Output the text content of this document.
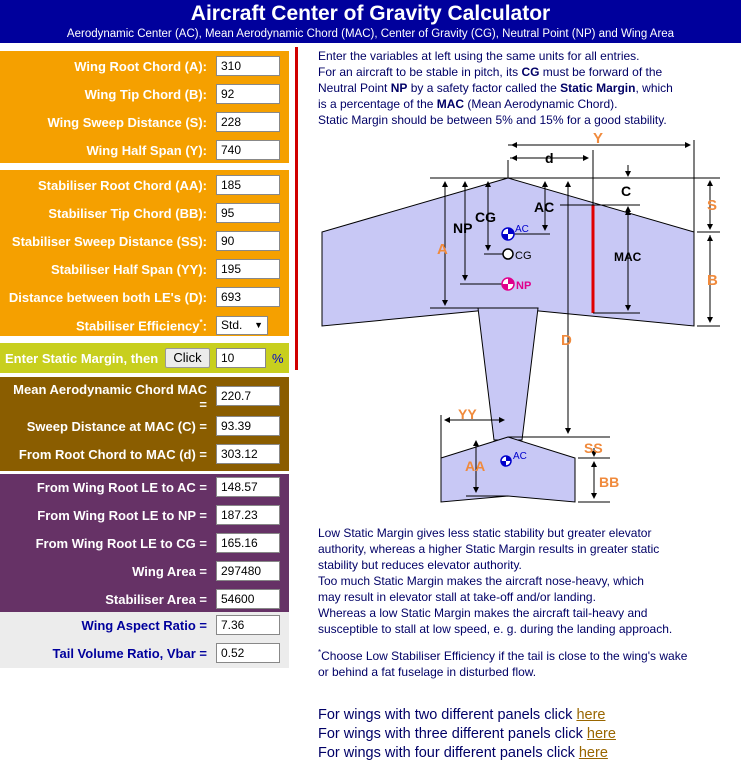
Aircraft Center of Gravity Calculator
Aerodynamic Center (AC), Mean Aerodynamic Chord (MAC), Center of Gravity (CG), Neutral Point (NP) and Wing Area
Wing Root Chord (A):
310
Wing Tip Chord (B):
92
Wing Sweep Distance (S):
228
Wing Half Span (Y):
740
Stabiliser Root Chord (AA):
185
Stabiliser Tip Chord (BB):
95
Stabiliser Sweep Distance (SS):
90
Stabiliser Half Span (YY):
195
Distance between both LE's (D):
693
Stabiliser Efficiency*:	Std. ▼
Enter Static Margin, then	Click
10	%
Mean Aerodynamic Chord MAC =
220.7
Sweep Distance at MAC (C) =
93.39
From Root Chord to MAC (d) =
303.12
From Wing Root LE to AC =
148.57
From Wing Root LE to NP =
187.23
From Wing Root LE to CG =
165.16
Wing Area =
297480
Stabiliser Area =
54600
Wing Aspect Ratio =
7.36
Tail Volume Ratio, Vbar =
0.52
Enter the variables at left using the same units for all entries.
For an aircraft to be stable in pitch, its CG must be forward of the
Neutral Point NP by a safety factor called the Static Margin, which
is a percentage of the MAC (Mean Aerodynamic Chord).
Static Margin should be between 5% and 15% for a good stability.
Y
d
C
S
B
A
NP
CG
AC
AC
CG
NP
MAC
D
YY
SS
AA
BB
AC
Low Static Margin gives less static stability but greater elevator
authority, whereas a higher Static Margin results in greater static
stability but reduces elevator authority.
Too much Static Margin makes the aircraft nose-heavy, which
may result in elevator stall at take-off and/or landing.
Whereas a low Static Margin makes the aircraft tail-heavy and
susceptible to stall at low speed, e. g. during the landing approach.
*Choose Low Stabiliser Efficiency if the tail is close to the wing's wake
or behind a fat fuselage in disturbed flow.
For wings with two different panels click here
For wings with three different panels click here
For wings with four different panels click here
